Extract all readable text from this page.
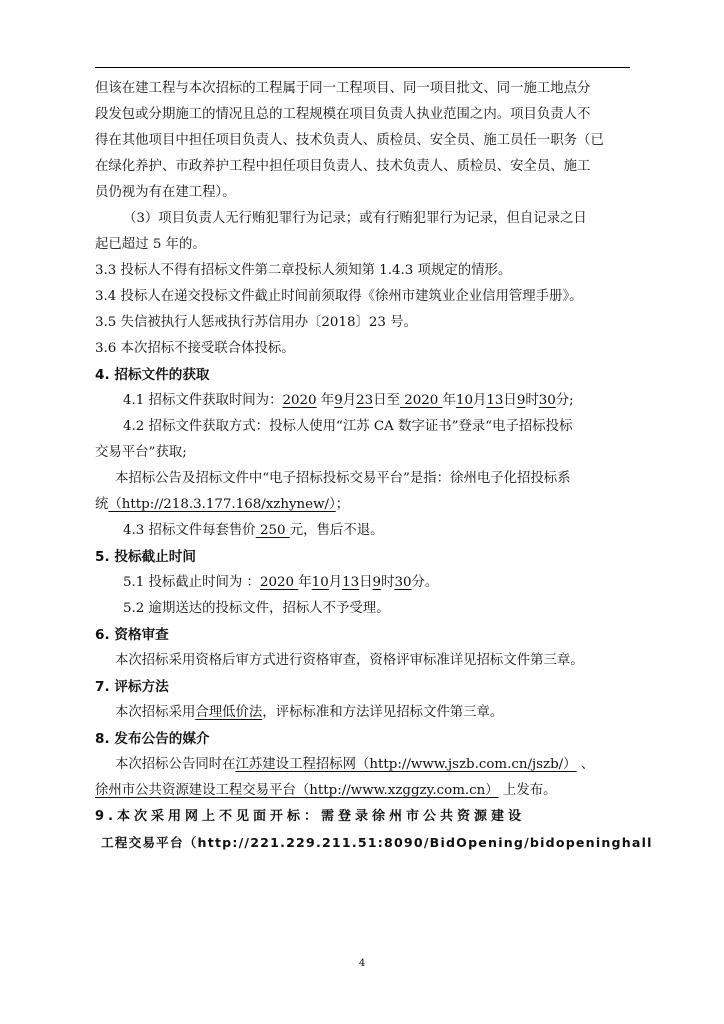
但该在建工程与本次招标的工程属于同一工程项目、同一项目批文、同一施工地点分
段发包或分期施工的情况且总的工程规模在项目负责人执业范围之内。项目负责人不
得在其他项目中担任项目负责人、技术负责人、质检员、安全员、施工员任一职务（已
在绿化养护、市政养护工程中担任项目负责人、技术负责人、质检员、安全员、施工
员仍视为有在建工程）。
（3）项目负责人无行贿犯罪行为记录；或有行贿犯罪行为记录，但自记录之日
起已超过 5 年的。
3.3 投标人不得有招标文件第二章投标人须知第 1.4.3 项规定的情形。
3.4 投标人在递交投标文件截止时间前须取得《徐州市建筑业企业信用管理手册》。
3.5 失信被执行人惩戒执行苏信用办〔2018〕23 号。
3.6 本次招标不接受联合体投标。
4. 招标文件的获取
4.1 招标文件获取时间为：2020 年9月23日至 2020 年10月13日9时30分;
4.2 招标文件获取方式：投标人使用“江苏 CA 数字证书”登录“电子招标投标
交易平台”获取;
本招标公告及招标文件中“电子招标投标交易平台”是指：徐州电子化招投标系
统（http://218.3.177.168/xzhynew/）；
4.3 招标文件每套售价 250 元，售后不退。
5. 投标截止时间
5.1 投标截止时间为 ：2020 年10月13日9时30分。
5.2 逾期送达的投标文件，招标人不予受理。
6. 资格审查
本次招标采用资格后审方式进行资格审查，资格评审标准详见招标文件第三章。
7. 评标方法
本次招标采用合理低价法，评标标准和方法详见招标文件第三章。
8. 发布公告的媒介
本次招标公告同时在江苏建设工程招标网（http://www.jszb.com.cn/jszb/） 、
徐州市公共资源建设工程交易平台（http://www.xzggzy.com.cn） 上发布。
9.本次采用网上不见面开标：需登录徐州市公共资源建设
工程交易平台（http://221.229.211.51:8090/BidOpening/bidopeninghall
4
